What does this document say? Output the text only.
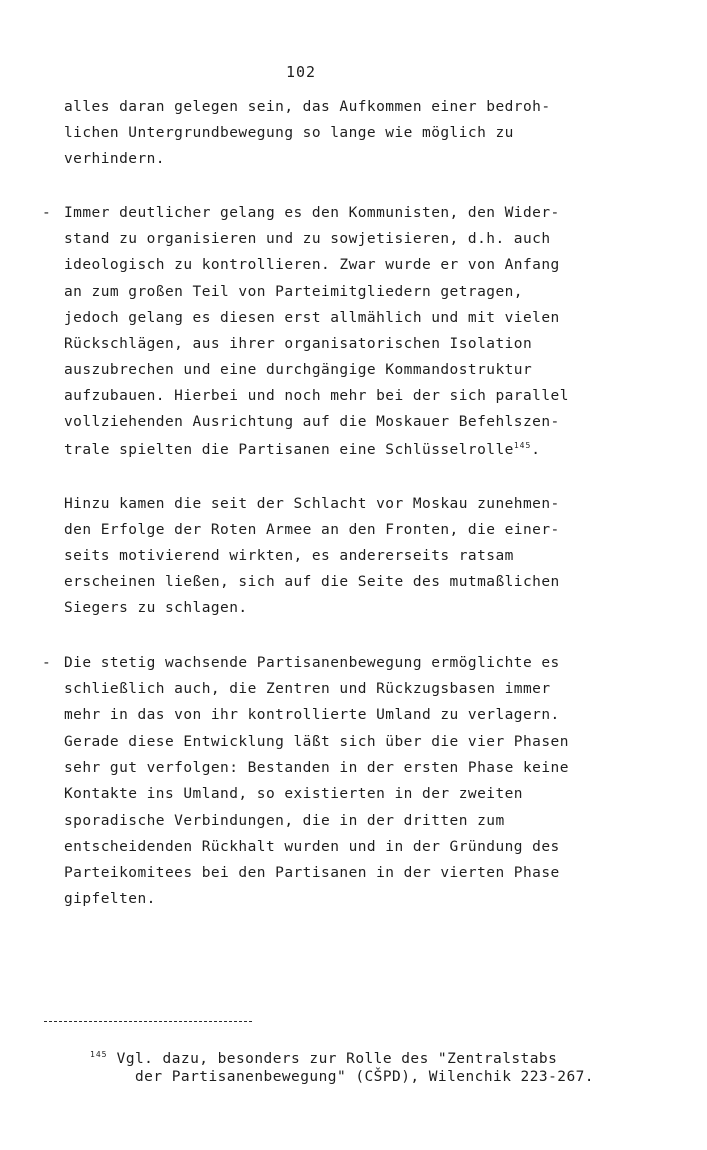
102
alles daran gelegen sein, das Aufkommen einer bedroh-
lichen Untergrundbewegung so lange wie möglich zu
verhindern.
- Immer deutlicher gelang es den Kommunisten, den Wider-
stand zu organisieren und zu sowjetisieren, d.h. auch
ideologisch zu kontrollieren. Zwar wurde er von Anfang
an zum großen Teil von Parteimitgliedern getragen,
jedoch gelang es diesen erst allmählich und mit vielen
Rückschlägen, aus ihrer organisatorischen Isolation
auszubrechen und eine durchgängige Kommandostruktur
aufzubauen. Hierbei und noch mehr bei der sich parallel
vollziehenden Ausrichtung auf die Moskauer Befehlszen-
trale spielten die Partisanen eine Schlüsselrolle$^{145}$.
Hinzu kamen die seit der Schlacht vor Moskau zunehmen-
den Erfolge der Roten Armee an den Fronten, die einer-
seits motivierend wirkten, es andererseits ratsam
erscheinen ließen, sich auf die Seite des mutmaßlichen
Siegers zu schlagen.
- Die stetig wachsende Partisanenbewegung ermöglichte es
schließlich auch, die Zentren und Rückzugsbasen immer
mehr in das von ihr kontrollierte Umland zu verlagern.
Gerade diese Entwicklung läßt sich über die vier Phasen
sehr gut verfolgen: Bestanden in der ersten Phase keine
Kontakte ins Umland, so existierten in der zweiten
sporadische Verbindungen, die in der dritten zum
entscheidenden Rückhalt wurden und in der Gründung des
Parteikomitees bei den Partisanen in der vierten Phase
gipfelten.
$^{145}$ Vgl. dazu, besonders zur Rolle des "Zentralstabs
der Partisanenbewegung" (CŠPD), Wilenchik 223-267.
